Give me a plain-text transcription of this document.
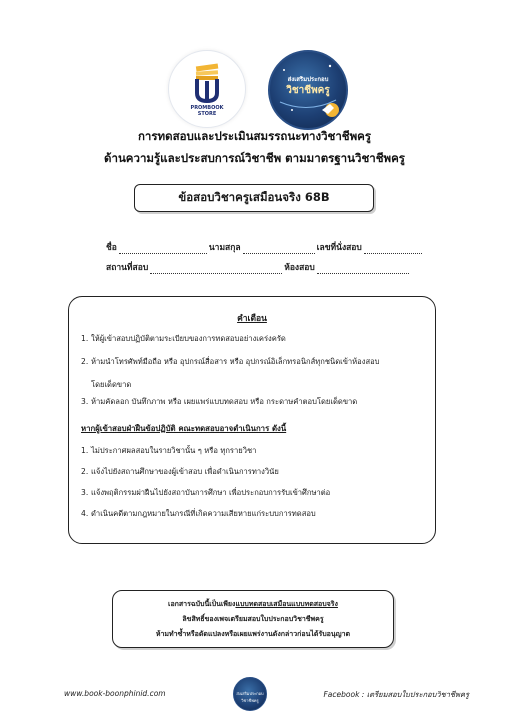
PROMBOOK
STORE
ส่งเสริมประกอบ
วิชาชีพครู
การทดสอบและประเมินสมรรถนะทางวิชาชีพครู
ด้านความรู้และประสบการณ์วิชาชีพ ตามมาตรฐานวิชาชีพครู
ข้อสอบวิชาครูเสมือนจริง 68B
ชื่อ	นามสกุล	เลขที่นั่งสอบ
สถานที่สอบ	ห้องสอบ
คำเตือน
1. ให้ผู้เข้าสอบปฏิบัติตามระเบียบของการทดสอบอย่างเคร่งครัด
2. ห้ามนำโทรศัพท์มือถือ หรือ อุปกรณ์สื่อสาร หรือ อุปกรณ์อิเล็กทรอนิกส์ทุกชนิดเข้าห้องสอบ
โดยเด็ดขาด
3. ห้ามคัดลอก บันทึกภาพ หรือ เผยแพร่แบบทดสอบ หรือ กระดาษคำตอบโดยเด็ดขาด
หากผู้เข้าสอบฝ่าฝืนข้อปฏิบัติ คณะทดสอบอาจดำเนินการ ดังนี้
1. ไม่ประกาศผลสอบในรายวิชานั้น ๆ หรือ ทุกรายวิชา
2. แจ้งไปยังสถานศึกษาของผู้เข้าสอบ เพื่อดำเนินการทางวินัย
3. แจ้งพฤติกรรมผ่าฝืนไปยังสถาบันการศึกษา เพื่อประกอบการรับเข้าศึกษาต่อ
4. ดำเนินคดีตามกฎหมายในกรณีที่เกิดความเสียหายแก่ระบบการทดสอบ
เอกสารฉบับนี้เป็นเพียงแบบทดสอบเสมือนแบบทดสอบจริง
ลิขสิทธิ์ของเพจเตรียมสอบใบประกอบวิชาชีพครู
ห้ามทำซ้ำหรือดัดแปลงหรือเผยแพร่งานดังกล่าวก่อนได้รับอนุญาต
www.book-boonphinid.com	ส่งเสริมประกอบวิชาชีพครู
Facebook : เตรียมสอบใบประกอบวิชาชีพครู
